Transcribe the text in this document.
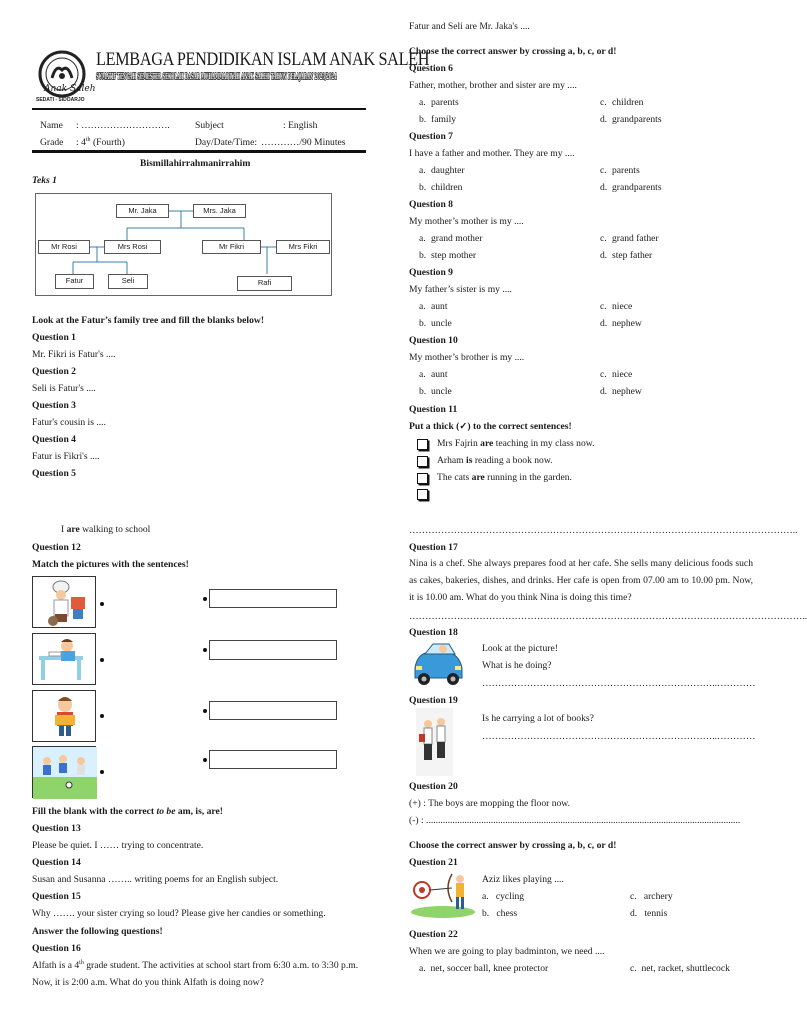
Anak Saleh
SEDATI - SIDOARJO
LEMBAGA PENDIDIKAN ISLAM ANAK SALEH
SUMATIF TENGAH SEMESTER SEKOLAH DASAR MUHAMMADIYAH ANAK SALEH TAHUN PELAJARAN 2023/2024
Name : ……………………….	Subject	: English
Grade : 4th (Fourth)	Day/Date/Time: …………/90 Minutes
Bismillahirrahmanirrahim
Teks 1
Mr. Jaka	Mrs. Jaka
Mr Rosi	Mrs Rosi	Mr Fikri	Mrs Fikri
Fatur	Seli	Rafi
Look at the Fatur’s family tree and fill the blanks below!
Question 1
Mr. Fikri is Fatur's ....
Question 2
Seli is Fatur's ....
Question 3
Fatur's cousin is ....
Question 4
Fatur is Fikri's ....
Question 5
Fatur and Seli are Mr. Jaka's ....
Choose the correct answer by crossing a, b, c, or d!
Question 6
Father, mother, brother and sister are my ....
a. parents
b. family
c. children
d. grandparents
Question 7
I have a father and mother. They are my ....
a. daughter
b. children
c. parents
d. grandparents
Question 8
My mother’s mother is my ....
a. grand mother
b. step mother
c. grand father
d. step father
Question 9
My father’s sister is my ....
a. aunt
b. uncle
c. niece
d. nephew
Question 10
My mother’s brother is my ....
a. aunt
b. uncle
c. niece
d. nephew
Question 11
Put a thick (✓) to the correct sentences!
Mrs Fajrin are teaching in my class now.
Arham is reading a book now.
The cats are running in the garden.
I are walking to school
Question 12
Match the pictures with the sentences!
Fill the blank with the correct to be am, is, are!
Question 13
Please be quiet. I …… trying to concentrate.
Question 14
Susan and Susanna …….. writing poems for an English subject.
Question 15
Why ……. your sister crying so loud? Please give her candies or something.
Answer the following questions!
Question 16
Alfath is a 4th grade student. The activities at school start from 6:30 a.m. to 3:30 p.m.
Now, it is 2:00 a.m. What do you think Alfath is doing now?
…………………………………………………………………………………………………………..
Question 17
Nina is a chef. She always prepares food at her cafe. She sells many delicious foods such as cakes, bakeries, dishes, and drinks. Her cafe is open from 07.00 am to 10.00 pm. Now, it is 10.00 am. What do you think Nina is doing this time?
……………………………………………………………………………………………………………..
Question 18
Look at the picture!
What is he doing?
………………………………………………………………..…………
Question 19
Is he carrying a lot of books?
………………………………………………………………..…………
Question 20
(+) : The boys are mopping the floor now.
(-) : ...................................................................................................................................
Choose the correct answer by crossing a, b, c, or d!
Question 21
Aziz likes playing ....
a.   cycling
b.   chess
c.   archery
d.   tennis
Question 22
When we are going to play badminton, we need ....
a.  net, soccer ball, knee protector	c.  net, racket, shuttlecock
